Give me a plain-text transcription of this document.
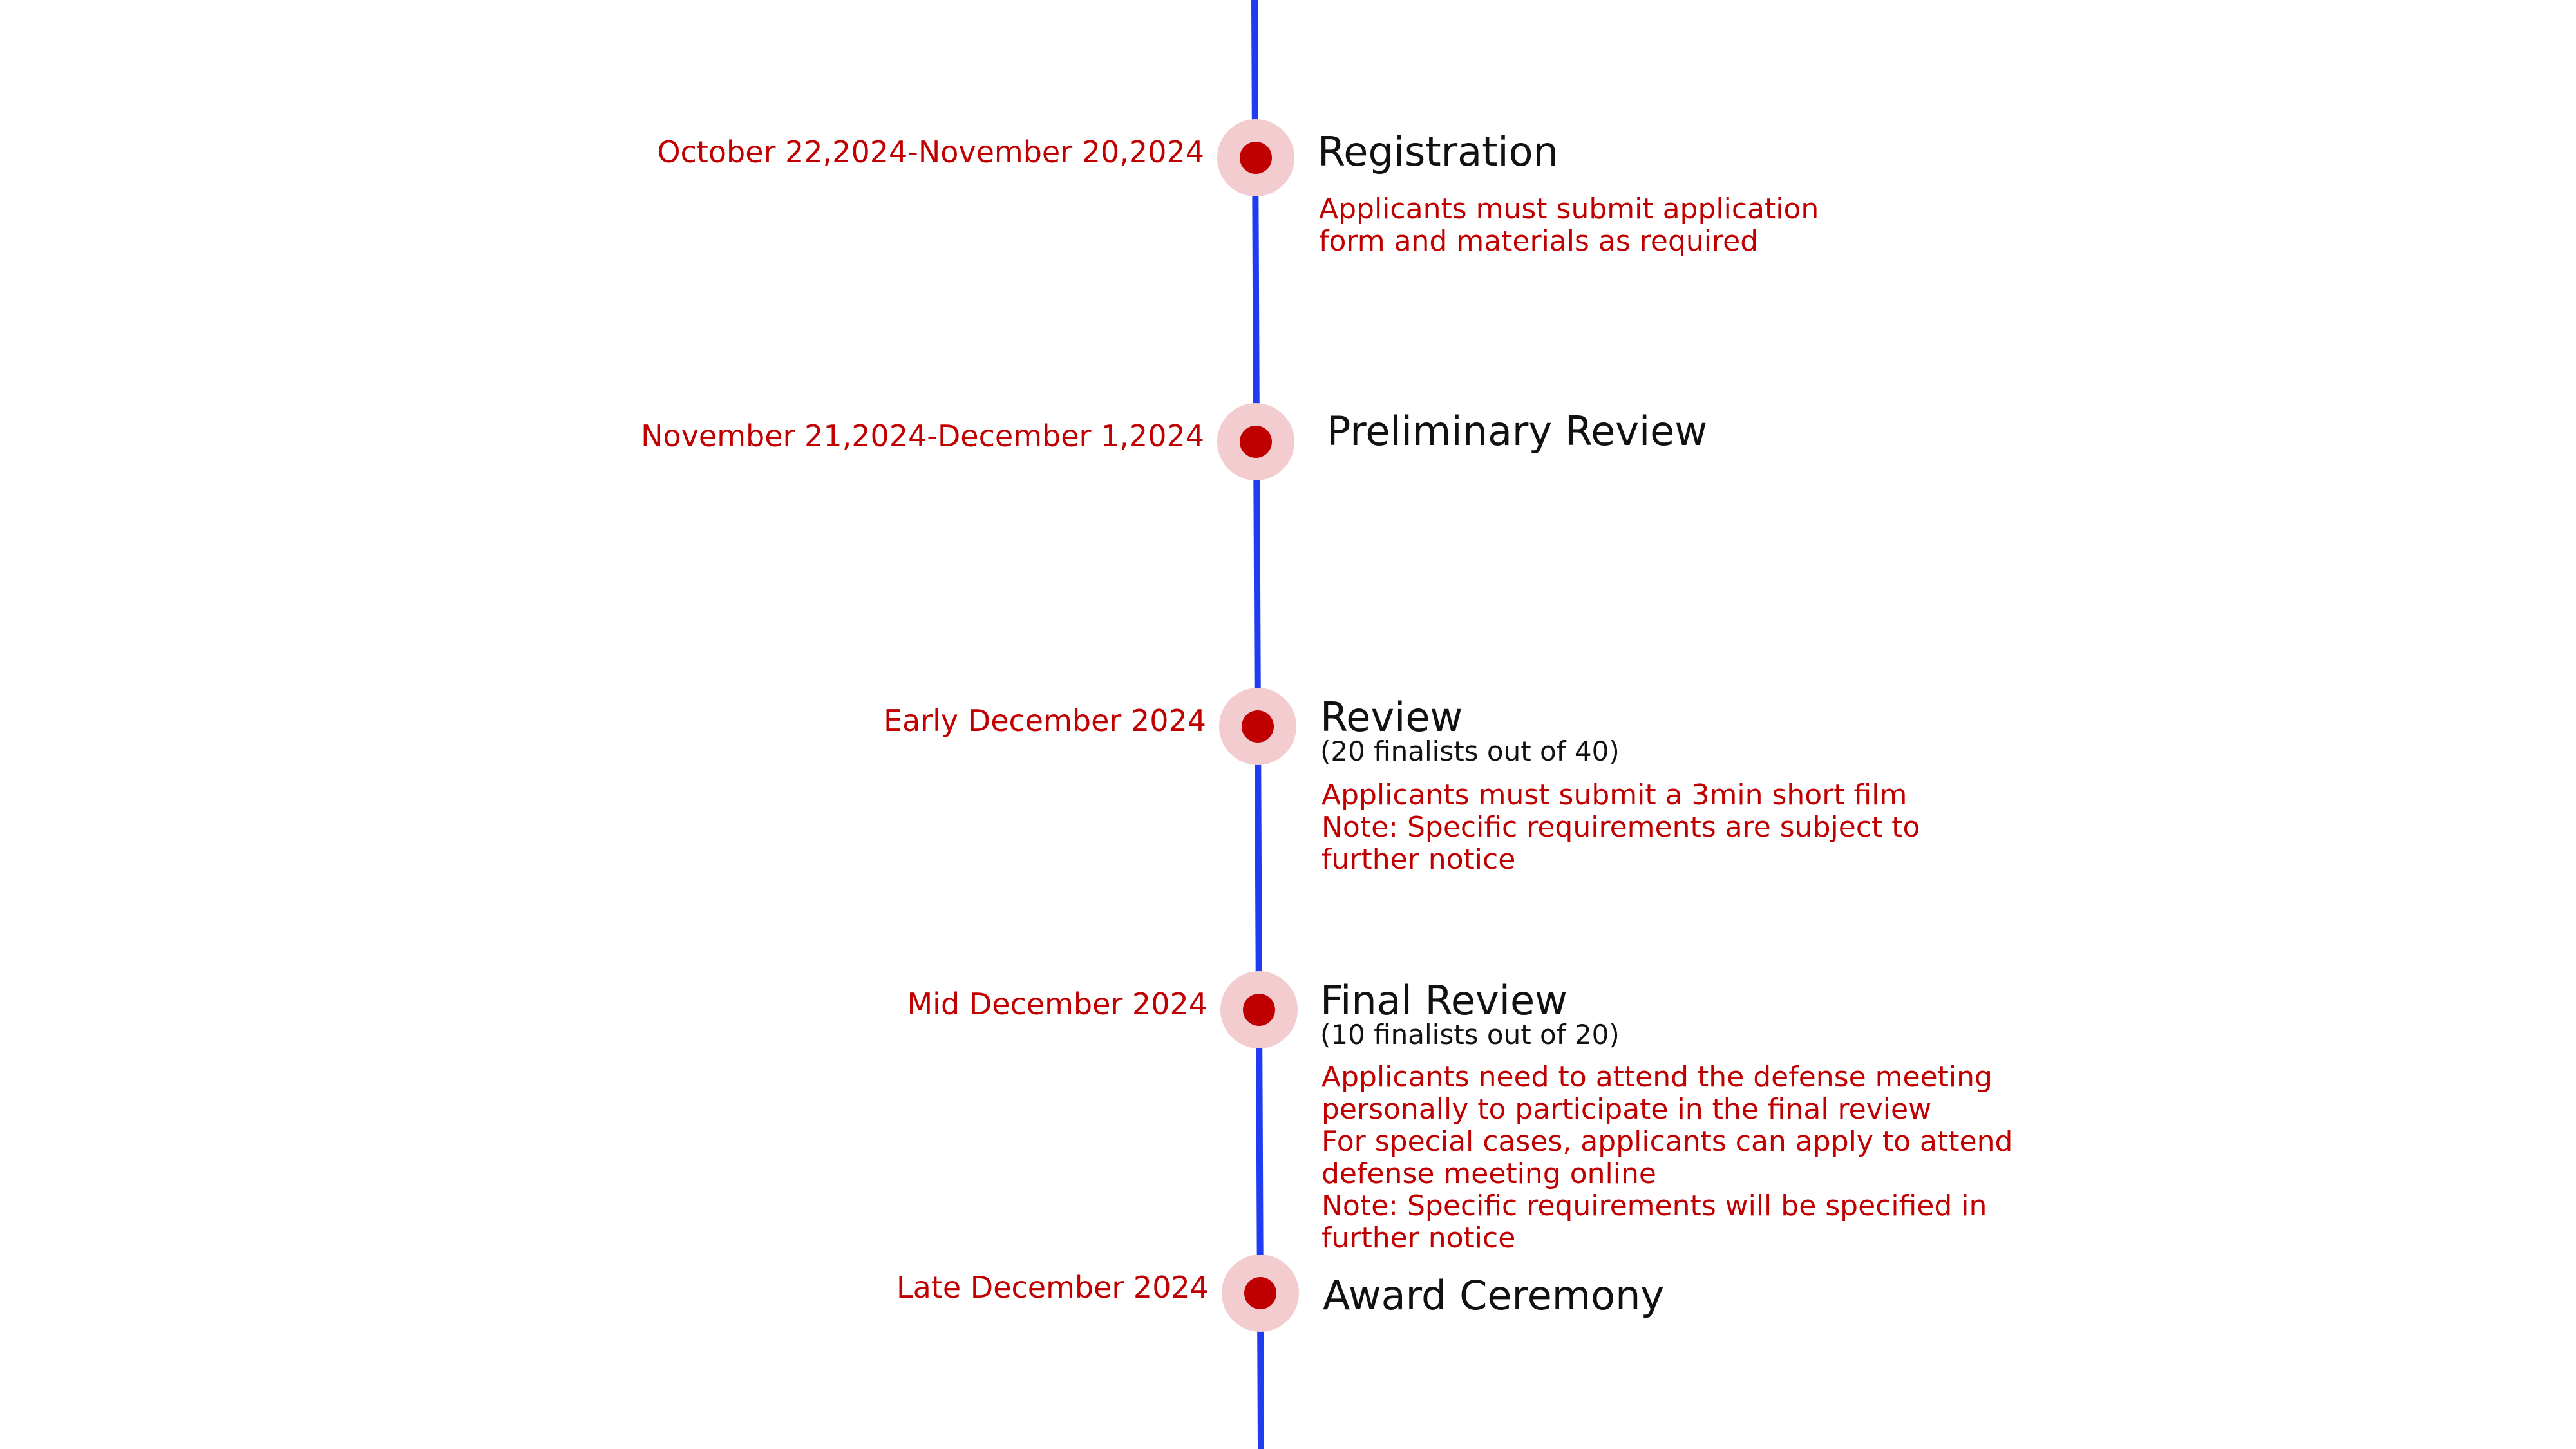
October 22,2024-November 20,2024	Registration
Applicants must submit application
form and materials as required
November 21,2024-December 1,2024	Preliminary Review
Early December 2024	Review
(20 finalists out of 40)
Applicants must submit a 3min short film
Note: Specific requirements are subject to
further notice
Mid December 2024	Final Review
(10 finalists out of 20)
Applicants need to attend the defense meeting
personally to participate in the final review
For special cases, applicants can apply to attend
defense meeting online
Note: Specific requirements will be specified in
further notice
Late December 2024	Award Ceremony
